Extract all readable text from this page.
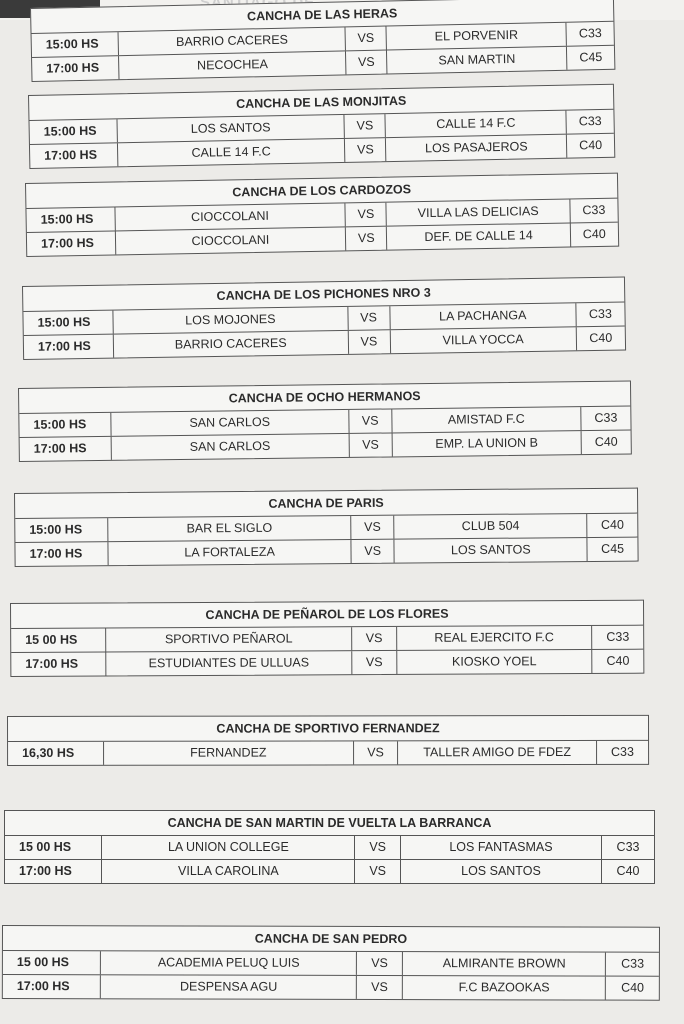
CANCHA DE LAS HERAS
15:00 HS	BARRIO CACERES	VS	EL PORVENIR	C33
17:00 HS	NECOCHEA	VS	SAN MARTIN	C45
CANCHA DE LAS MONJITAS
15:00 HS	LOS SANTOS	VS	CALLE 14 F.C	C33
17:00 HS	CALLE 14 F.C	VS	LOS PASAJEROS	C40
CANCHA DE LOS CARDOZOS
15:00 HS	CIOCCOLANI	VS	VILLA LAS DELICIAS	C33
17:00 HS	CIOCCOLANI	VS	DEF. DE CALLE 14	C40
CANCHA DE LOS PICHONES NRO 3
15:00 HS	LOS MOJONES	VS	LA PACHANGA	C33
17:00 HS	BARRIO CACERES	VS	VILLA YOCCA	C40
CANCHA DE OCHO HERMANOS
15:00 HS	SAN CARLOS	VS	AMISTAD F.C	C33
17:00 HS	SAN CARLOS	VS	EMP. LA UNION B	C40
CANCHA DE PARIS
15:00 HS	BAR EL SIGLO	VS	CLUB 504	C40
17:00 HS	LA FORTALEZA	VS	LOS SANTOS	C45
CANCHA DE PEÑAROL DE LOS FLORES
15 00 HS	SPORTIVO PEÑAROL	VS	REAL EJERCITO F.C	C33
17:00 HS	ESTUDIANTES DE ULLUAS	VS	KIOSKO YOEL	C40
CANCHA DE SPORTIVO FERNANDEZ
16,30 HS	FERNANDEZ	VS	TALLER AMIGO DE FDEZ	C33
CANCHA DE SAN MARTIN DE VUELTA LA BARRANCA
15 00 HS	LA UNION COLLEGE	VS	LOS FANTASMAS	C33
17:00 HS	VILLA CAROLINA	VS	LOS SANTOS	C40
CANCHA DE SAN PEDRO
15 00 HS	ACADEMIA PELUQ LUIS	VS	ALMIRANTE BROWN	C33
17:00 HS	DESPENSA AGU	VS	F.C BAZOOKAS	C40
